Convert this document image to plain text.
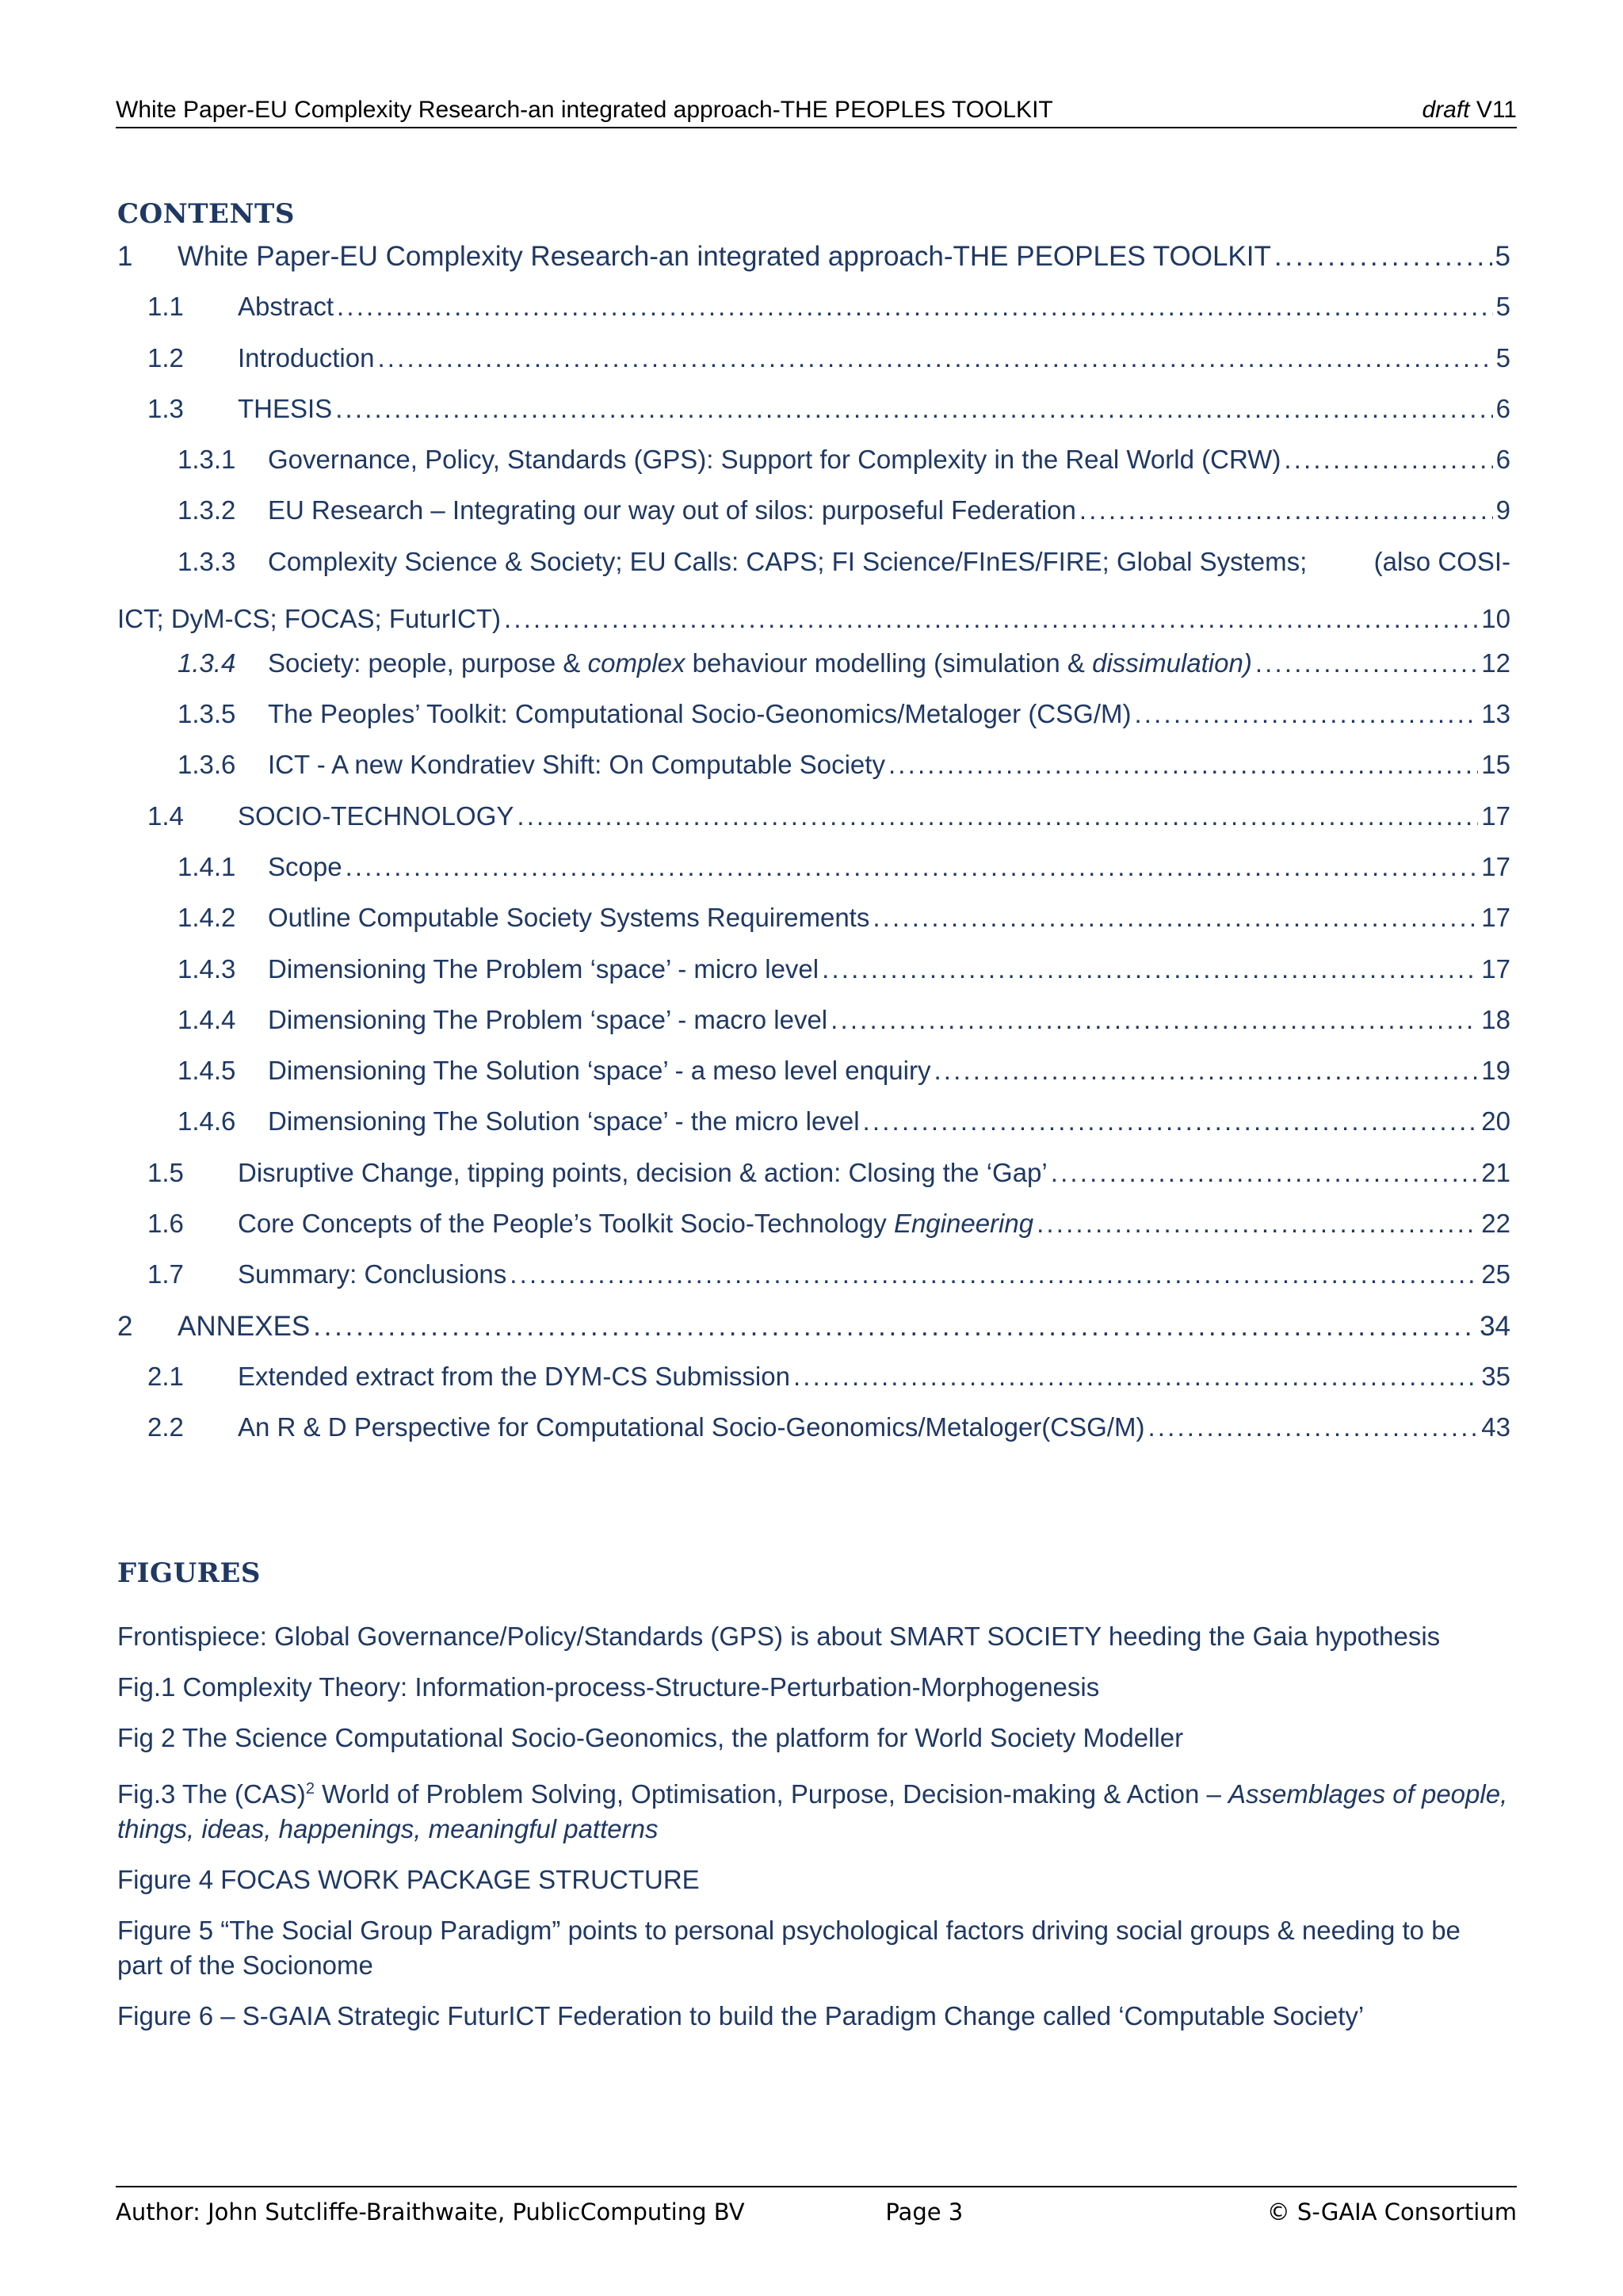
White Paper-EU Complexity Research-an integrated approach-THE PEOPLES TOOLKIT	draft V11
CONTENTS
1	White Paper-EU Complexity Research-an integrated approach-THE PEOPLES TOOLKIT . . .	5
1.1	Abstract . . .	5
1.2	Introduction . . .	5
1.3	THESIS . . .	6
1.3.1	Governance, Policy, Standards (GPS): Support for Complexity in the Real World (CRW) . . .	6
1.3.2	EU Research – Integrating our way out of silos: purposeful Federation . . .	9
1.3.3	Complexity Science & Society; EU Calls: CAPS; FI Science/FInES/FIRE; Global Systems;	(also COSI-
ICT; DyM-CS; FOCAS; FuturICT) . . .	10
1.3.4	Society: people, purpose & complex behaviour modelling (simulation & dissimulation) . . .	12
1.3.5	The Peoples’ Toolkit: Computational Socio-Geonomics/Metaloger (CSG/M) . . .	13
1.3.6	ICT - A new Kondratiev Shift: On Computable Society . . .	15
1.4	SOCIO-TECHNOLOGY . . .	17
1.4.1	Scope . . .	17
1.4.2	Outline Computable Society Systems Requirements . . .	17
1.4.3	Dimensioning The Problem ‘space’ - micro level . . .	17
1.4.4	Dimensioning The Problem ‘space’ - macro level . . .	18
1.4.5	Dimensioning The Solution ‘space’ - a meso level enquiry . . .	19
1.4.6	Dimensioning The Solution ‘space’ - the micro level . . .	20
1.5	Disruptive Change, tipping points, decision & action: Closing the ‘Gap’ . . .	21
1.6	Core Concepts of the People’s Toolkit Socio-Technology Engineering . . .	22
1.7	Summary: Conclusions . . .	25
2	ANNEXES . . .	34
2.1	Extended extract from the DYM-CS Submission . . .	35
2.2	An R & D Perspective for Computational Socio-Geonomics/Metaloger(CSG/M) . . .	43
FIGURES
Frontispiece: Global Governance/Policy/Standards (GPS) is about SMART SOCIETY heeding the Gaia hypothesis
Fig.1 Complexity Theory: Information-process-Structure-Perturbation-Morphogenesis
Fig 2 The Science Computational Socio-Geonomics, the platform for World Society Modeller
Fig.3 The (CAS)$^2$ World of Problem Solving, Optimisation, Purpose, Decision-making & Action – Assemblages of people, things, ideas, happenings, meaningful patterns
Figure 4 FOCAS WORK PACKAGE STRUCTURE
Figure 5 “The Social Group Paradigm” points to personal psychological factors driving social groups & needing to be part of the Socionome
Figure 6 – S-GAIA Strategic FuturICT Federation to build the Paradigm Change called ‘Computable Society’
Author: John Sutcliffe-Braithwaite, PublicComputing BV	Page 3	© S-GAIA Consortium
